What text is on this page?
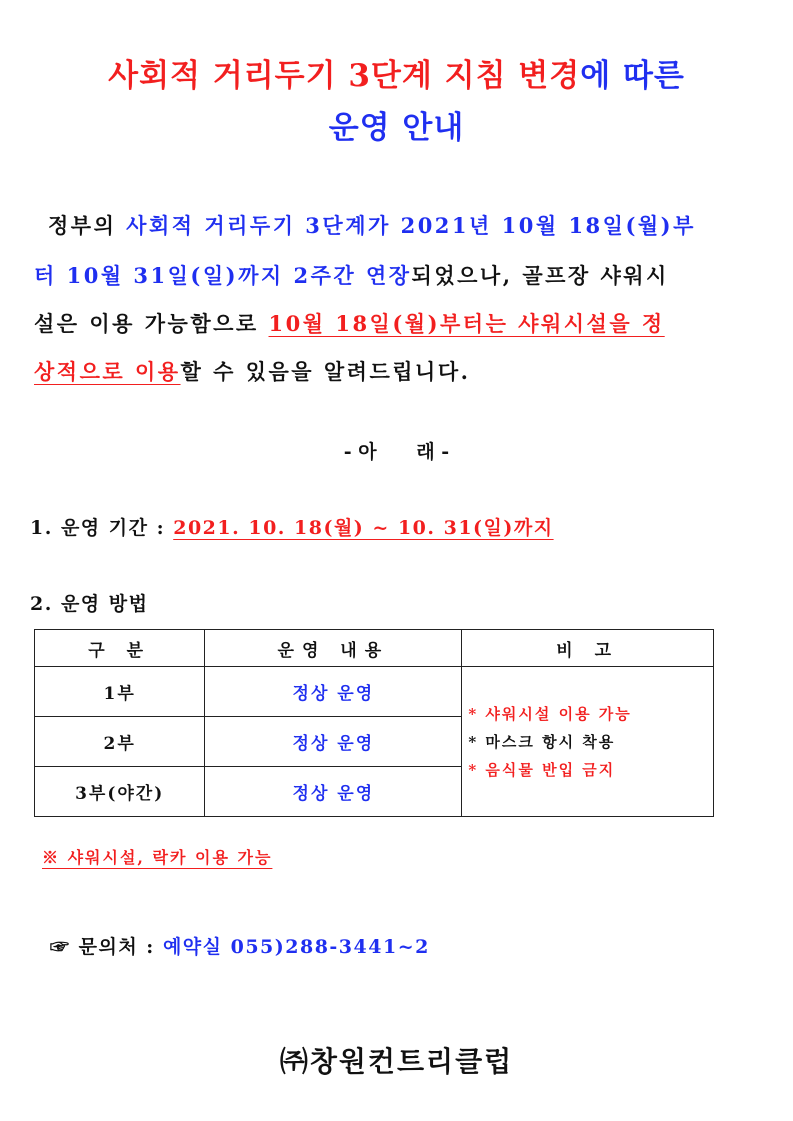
사회적 거리두기 3단계 지침 변경에 따른
운영 안내
정부의 사회적 거리두기 3단계가 2021년 10월 18일(월)부
터 10월 31일(일)까지 2주간 연장되었으나, 골프장 샤워시
설은 이용 가능함으로 10월 18일(월)부터는 샤워시설을 정
상적으로 이용할 수 있음을 알려드립니다.
- 아      래 -
1. 운영 기간 : 2021. 10. 18(월) ~ 10. 31(일)까지
2. 운영 방법
구 분	운영 내용	비 고
1부	정상 운영	* 샤워시설 이용 가능
* 마스크 항시 착용
* 음식물 반입 금지

2부	정상 운영	
3부(야간)	정상 운영	
※ 샤워시설, 락카 이용 가능
☞ 문의처 : 예약실 055)288-3441~2
㈜창원컨트리클럽
